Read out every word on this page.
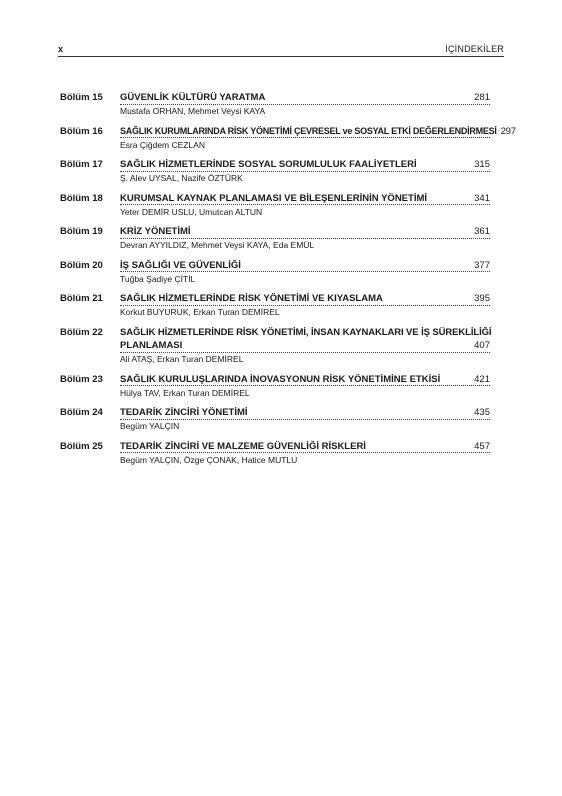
x	İÇİNDEKİLER
Bölüm 15	GÜVENLİK KÜLTÜRÜ YARATMA	281
Mustafa ORHAN, Mehmet Veysi KAYA
Bölüm 16	SAĞLIK KURUMLARINDA RİSK YÖNETİMİ ÇEVRESEL ve SOSYAL ETKİ DEĞERLENDİRMESİ 297
Esra Çiğdem CEZLAN
Bölüm 17	SAĞLIK HİZMETLERİNDE SOSYAL SORUMLULUK FAALİYETLERİ	315
Ş. Alev UYSAL, Nazife ÖZTÜRK
Bölüm 18	KURUMSAL KAYNAK PLANLAMASI VE BİLEŞENLERİNİN YÖNETİMİ	341
Yeter DEMİR USLU, Umutcan ALTUN
Bölüm 19	KRİZ YÖNETİMİ	361
Devran AYYILDIZ, Mehmet Veysi KAYA, Eda EMÜL
Bölüm 20	İŞ SAĞLIĞI VE GÜVENLİĞİ	377
Tuğba Şadiye ÇİTİL
Bölüm 21	SAĞLIK HİZMETLERİNDE RİSK YÖNETİMİ VE KIYASLAMA	395
Korkut BUYURUK, Erkan Turan DEMİREL
Bölüm 22	SAĞLIK HİZMETLERİNDE RİSK YÖNETİMİ, İNSAN KAYNAKLARI VE İŞ SÜREKLİLİĞİ
PLANLAMASI	407
Ali ATAŞ, Erkan Turan DEMİREL
Bölüm 23	SAĞLIK KURULUŞLARINDA İNOVASYONUN RİSK YÖNETİMİNE ETKİSİ	421
Hülya TAV, Erkan Turan DEMİREL
Bölüm 24	TEDARİK ZİNCİRİ YÖNETİMİ	435
Begüm YALÇIN
Bölüm 25	TEDARİK ZİNCİRİ VE MALZEME GÜVENLİĞİ RİSKLERİ	457
Begüm YALÇIN, Özge ÇONAK, Hatice MUTLU
